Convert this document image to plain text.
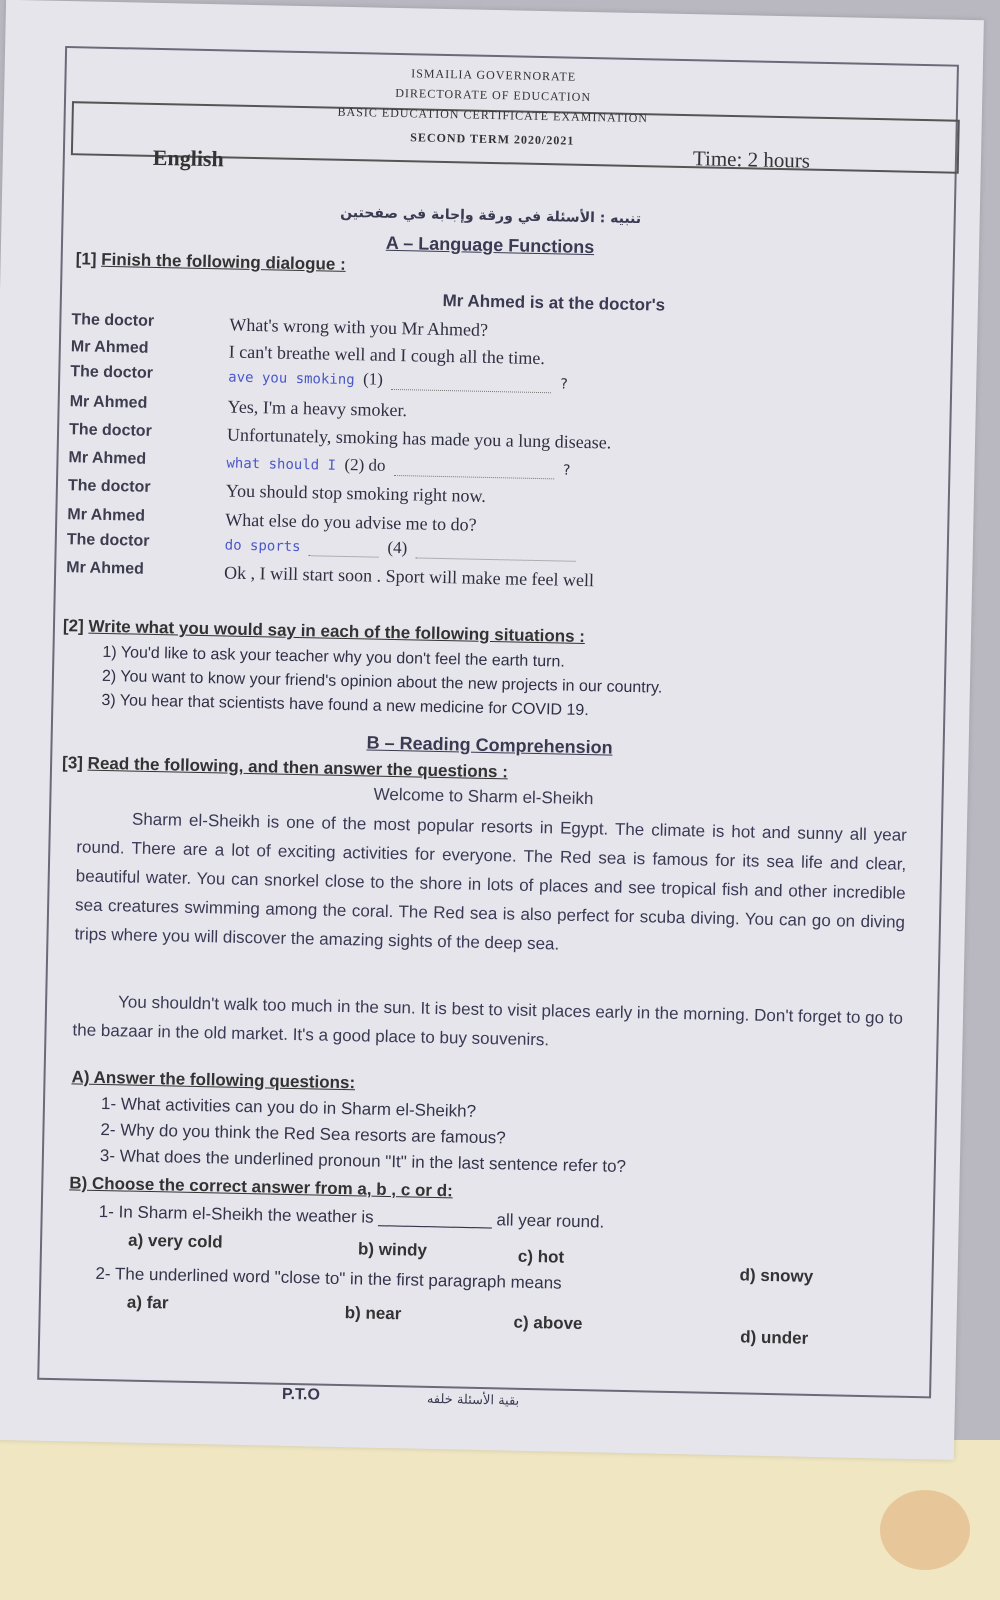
ISMAILIA GOVERNORATE
DIRECTORATE OF EDUCATION
BASIC EDUCATION CERTIFICATE EXAMINATION
SECOND TERM 2020/2021
English	Time: 2 hours
تنبيه : الأسئلة في ورقة وإجابة في صفحتين
A – Language Functions
[1] Finish the following dialogue :
Mr Ahmed is at the doctor's
The doctor	What's wrong with you Mr Ahmed?
Mr Ahmed	I can't breathe well and I cough all the time.
The doctor	ave you smoking (1)	?
Mr Ahmed	Yes, I'm a heavy smoker.
The doctor	Unfortunately, smoking has made you a lung disease.
Mr Ahmed	what should I (2) do	?
The doctor	You should stop smoking right now.
Mr Ahmed	What else do you advise me to do?
The doctor	do sports	(4)
Mr Ahmed	Ok , I will start soon . Sport will make me feel well
[2] Write what you would say in each of the following situations :
1) You'd like to ask your teacher why you don't feel the earth turn.
2) You want to know your friend's opinion about the new projects in our country.
3) You hear that scientists have found a new medicine for COVID 19.
B – Reading Comprehension
[3] Read the following, and then answer the questions :
Welcome to Sharm el-Sheikh
Sharm el-Sheikh is one of the most popular resorts in Egypt. The climate is hot and sunny all year round. There are a lot of exciting activities for everyone. The Red sea is famous for its sea life and clear, beautiful water. You can snorkel close to the shore in lots of places and see tropical fish and other incredible sea creatures swimming among the coral. The Red sea is also perfect for scuba diving. You can go on diving trips where you will discover the amazing sights of the deep sea.
You shouldn't walk too much in the sun. It is best to visit places early in the morning. Don't forget to go to the bazaar in the old market. It's a good place to buy souvenirs.
A) Answer the following questions:
1- What activities can you do in Sharm el-Sheikh?
2- Why do you think the Red Sea resorts are famous?
3- What does the underlined pronoun "It" in the last sentence refer to?
B) Choose the correct answer from a, b , c or d:
1- In Sharm el-Sheikh the weather is ____________ all year round.
a) very cold	b) windy	c) hot
d) snowy
2- The underlined word "close to" in the first paragraph means
a) far
b) near	c) above
d) under
P.T.O	بقية الأسئلة خلفه
